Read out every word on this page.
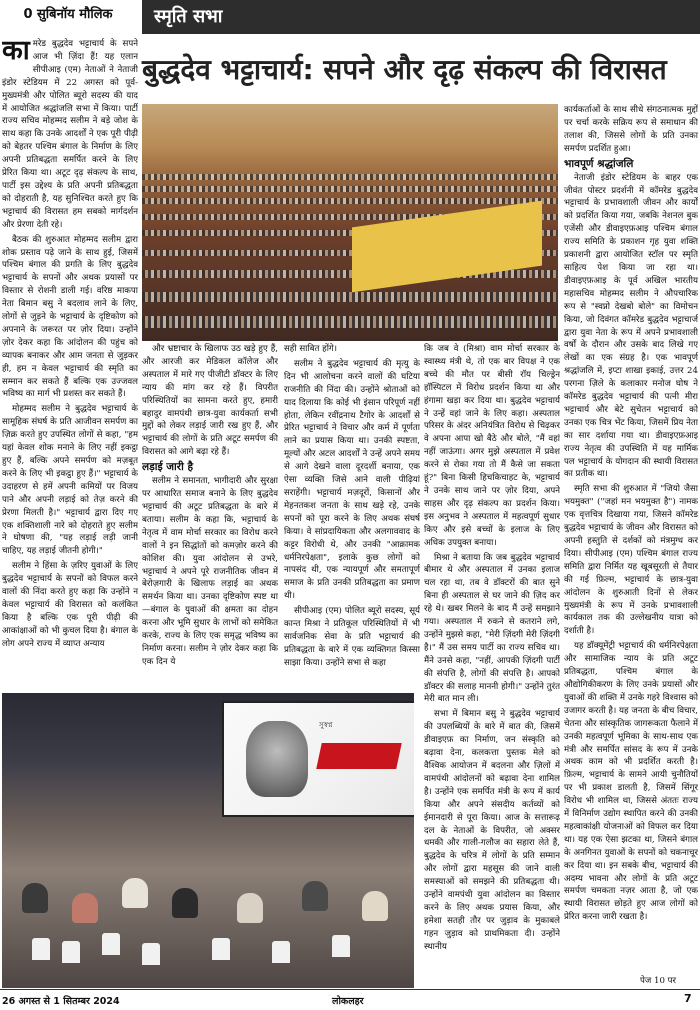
0 सुबिनॉय मौलिक	स्मृति सभा
बुद्धदेव भट्टाचार्य: सपने और दृढ़ संकल्प की विरासत

कामरेड बुद्धदेव भट्टाचार्य के सपने आज भी ज़िंदा हैं! यह एलान सीपीआइ (एम) नेताओं ने नेताजी इंडोर स्टेडियम में 22 अगस्त को पूर्व-मुख्यमंत्री और पोलित ब्यूरो सदस्य की याद में आयोजित श्रद्धांजलि सभा में किया। पार्टी राज्य सचिव मोहम्मद सलीम ने बड़े जोश के साथ कहा कि उनके आदर्शों ने एक पूरी पीढ़ी को बेहतर पश्चिम बंगाल के निर्माण के लिए अपनी प्रतिबद्धता समर्पित करने के लिए प्रेरित किया था। अटूट दृढ़ संकल्प के साथ, पार्टी इस उद्देश्य के प्रति अपनी प्रतिबद्धता को दोहराती है, यह सुनिश्चित करते हुए कि भट्टाचार्य की विरासत हम सबको मार्गदर्शन और प्रेरणा देती रहे।

बैठक की शुरुआत मोहम्मद सलीम द्वारा शोक प्रस्ताव पढ़े जाने के साथ हुई, जिसमें पश्चिम बंगाल की प्रगति के लिए बुद्धदेव भट्टाचार्य के सपनों और अथक प्रयासों पर विस्तार से रोशनी डाली गई। वरिष्ठ माकपा नेता बिमान बसु ने बदलाव लाने के लिए, लोगों से जुड़ने के भट्टाचार्य के दृष्टिकोण को अपनाने के जरूरत पर ज़ोर दिया। उन्होंने ज़ोर देकर कहा कि आंदोलन की पहुंच को व्यापक बनाकर और आम जनता से जुड़कर ही, हम न केवल भट्टाचार्य की स्मृति का सम्मान कर सकते हैं बल्कि एक उज्जवल भविष्य का मार्ग भी प्रशस्त कर सकते हैं।

मोहम्मद सलीम ने बुद्धदेव भट्टाचार्य के सामूहिक संघर्ष के प्रति आजीवन समर्पण का ज़िक्र करते हुए उपस्थित लोगों से कहा, "हम यहां केवल शोक मनाने के लिए नहीं इकट्ठा हुए हैं, बल्कि अपने समर्पण को मज़बूत करने के लिए भी इकट्ठा हुए हैं।" भट्टाचार्य के उदाहरण से हमें अपनी कमियों पर विजय पाने और अपनी लड़ाई को तेज़ करने की प्रेरणा मिलती है।" भट्टाचार्य द्वारा दिए गए एक शक्तिशाली नारे को दोहराते हुए सलीम ने घोषणा की, "यह लड़ाई लड़ी जानी चाहिए, यह लड़ाई जीतनी होगी।"

सलीम ने हिंसा के ज़रिए युवाओं के लिए बुद्धदेव भट्टाचार्य के सपनों को विफल करने वालों की निंदा करते हुए कहा कि उन्होंने न केवल भट्टाचार्य की विरासत को कलंकित किया है बल्कि एक पूरी पीढ़ी की आकांक्षाओं को भी कुचल दिया है। बंगाल के लोग अपने राज्य में व्याप्त अन्याय

और भ्रष्टाचार के खिलाफ उठ खड़े हुए हैं, और आरजी कर मेडिकल कॉलेज और अस्पताल में मारे गए पीजीटी डॉक्टर के लिए न्याय की मांग कर रहे हैं। विपरीत परिस्थितियों का सामना करते हुए, हमारी बहादुर वामपंथी छात्र-युवा कार्यकर्ता सभी मुद्दों को लेकर लड़ाई जारी रख हुए हैं, और भट्टाचार्य की लोगों के प्रति अटूट समर्पण की विरासत को आगे बढ़ा रहे हैं।

लड़ाई जारी है

सलीम ने समानता, भागीदारी और सुरक्षा पर आधारित समाज बनाने के लिए बुद्धदेव भट्टाचार्य की अटूट प्रतिबद्धता के बारे में बताया। सलीम के कहा कि, भट्टाचार्य के नेतृत्व में वाम मोर्चा सरकार का विरोध करने वालों ने इन सिद्धांतों को कमज़ोर करने की कोशिश की। युवा आंदोलन से उभरे, भट्टाचार्य ने अपने पूरे राजनीतिक जीवन में बेरोज़गारी के खिलाफ लड़ाई का अथक समर्थन किया था। उनका दृष्टिकोण स्पष्ट था—बंगाल के युवाओं की क्षमता का दोहन करना और भूमि सुधार के लाभों को समेकित करके, राज्य के लिए एक समृद्ध भविष्य का निर्माण करना। सलीम ने ज़ोर देकर कहा कि एक दिन ये

सही साबित होंगे।

सलीम ने बुद्धदेव भट्टाचार्य की मृत्यु के दिन भी आलोचना करने वालों की घटिया राजनीति की निंदा की। उन्होंने श्रोताओं को याद दिलाया कि कोई भी इंसान परिपूर्ण नहीं होता, लेकिन रवींद्रनाथ टैगोर के आदर्शों से प्रेरित भट्टाचार्य ने विचार और कर्म में पूर्णता लाने का प्रयास किया था। उनकी स्पष्टता, मूल्यों और अटल आदर्शों ने उन्हें अपने समय से आगे देखने वाला दूरदर्शी बनाया, एक ऐसा व्यक्ति जिसे आने वाली पीढ़ियां सराहेंगी। भट्टाचार्य मज़दूरों, किसानों और मेहनतकश जनता के साथ खड़े रहे, उनके सपनों को पूरा करने के लिए अथक संघर्ष किया। वे सांप्रदायिकता और अलगाववाद के कट्टर विरोधी थे, और उनकी "आक्रामक धर्मनिरपेक्षता", इलाके कुछ लोगों को नापसंद थी, एक न्यायपूर्ण और समतापूर्ण समाज के प्रति उनकी प्रतिबद्धता का प्रमाण थी।

सीपीआइ (एम) पोलित ब्यूरो सदस्य, सूर्य कान्त मिश्रा ने प्रतिकूल परिस्थितियों में भी सार्वजनिक सेवा के प्रति भट्टाचार्य की प्रतिबद्धता के बारे में एक व्यक्तिगत किस्सा साझा किया। उन्होंने सभा से कहा

कि जब वे (मिश्रा) वाम मोर्चा सरकार के स्वास्थ्य मंत्री थे, तो एक बार विपक्ष ने एक बच्चे की मौत पर बीसी रॉय चिल्ड्रेन हॉस्पिटल में विरोध प्रदर्शन किया था और हंगामा खड़ा कर दिया था। बुद्धदेव भट्टाचार्य ने उन्हें वहां जाने के लिए कहा। अस्पताल परिसर के अंदर अनियंत्रित विरोध से चिढ़कर वे अपना आपा खो बैठे और बोले, "मैं वहां नहीं जाऊंगा। अगर मुझे अस्पताल में प्रवेश करने से रोका गया तो मैं कैसे जा सकता हूं?" बिना किसी हिचकिचाहट के, भट्टाचार्य ने उनके साथ जाने पर ज़ोर दिया, अपने साहस और दृढ़ संकल्प का प्रदर्शन किया। इस अनुभव ने अस्पताल में महत्वपूर्ण सुधार किए और इसे बच्चों के इलाज के लिए अधिक उपयुक्त बनाया।

मिश्रा ने बताया कि जब बुद्धदेव भट्टाचार्य बीमार थे और अस्पताल में उनका इलाज चल रहा था, तब वे डॉक्टरों की बात सुने बिना ही अस्पताल से घर जाने की ज़िद कर रहे थे। खबर मिलने के बाद मैं उन्हें समझाने गया। अस्पताल में रुकने से कतराने लगे, उन्होंने मुझसे कहा, "मेरी ज़िंदगी मेरी ज़िंदगी है।" मैं उस समय पार्टी का राज्य सचिव था। मैंने उनसे कहा, "नहीं, आपकी ज़िंदगी पार्टी की संपत्ति है, लोगों की संपत्ति है। आपको डॉक्टर की सलाह माननी होगी।" उन्होंने तुरंत मेरी बात मान ली।

सभा में बिमान बसु ने बुद्धदेव भट्टाचार्य की उपलब्धियों के बारे में बात की, जिसमें डीवाइएफ़ का निर्माण, जन संस्कृति को बढ़ावा देना, कलकत्ता पुस्तक मेले को वैश्विक आयोजन में बदलना और ज़िलों में वामपंथी आंदोलनों को बढ़ावा देना शामिल है। उन्होंने एक समर्पित मंत्री के रूप में कार्य किया और अपने संसदीय कर्तव्यों को ईमानदारी से पूरा किया। आज के सत्तारूढ़ दल के नेताओं के विपरीत, जो अक्सर धमकी और गाली-गलौज का सहारा लेते हैं, बुद्धदेव के चरित्र में लोगों के प्रति सम्मान और लोगों द्वारा महसूस की जाने वाली समस्याओं को समझने की प्रतिबद्धता थी। उन्होंने वामपंथी युवा आंदोलन का विस्तार करने के लिए अथक प्रयास किया, और हमेशा सतही तौर पर जुड़ाव के मुकाबले गहन जुड़ाव को प्राथमिकता दी। उन्होंने स्थानीय

कार्यकर्ताओं के साथ सीधे संगठनात्मक मुद्दों पर चर्चा करके सक्रिय रूप से समाधान की तलाश की, जिससे लोगों के प्रति उनका समर्पण प्रदर्शित हुआ।

भावपूर्ण श्रद्धांजलि

नेताजी इंडोर स्टेडियम के बाहर एक जीवंत पोस्टर प्रदर्शनी में कॉमरेड बुद्धदेव भट्टाचार्य के प्रभावशाली जीवन और कार्यों को प्रदर्शित किया गया, जबकि नेशनल बुक एजेंसी और डीवाइएफ़आइ पश्चिम बंगाल राज्य समिति के प्रकाशन गृह युवा शक्ति प्रकाशनी द्वारा आयोजित स्टॉल पर स्मृति साहित्य पेश किया जा रहा था। डीवाइएफ़आइ के पूर्व अखिल भारतीय महासचिव मोहम्मद सलीम ने औपचारिक रूप से "स्वप्नो देखबो बोले" का विमोचन किया, जो दिवंगत कॉमरेड बुद्धदेव भट्टाचार्ज द्वारा युवा नेता के रूप में अपने प्रभावशाली वर्षों के दौरान और उसके बाद लिखे गए लेखों का एक संग्रह है। एक भावपूर्ण श्रद्धांजलि में, इप्टा शाखा इकाई, उत्तर 24 परगना ज़िले के कलाकार मनोज घोष ने कॉमरेड बुद्धदेव भट्टाचार्य की पत्नी मीरा भट्टाचार्य और बेटे सुचेतन भट्टाचार्य को उनका एक चित्र भेंट किया, जिसमें प्रिय नेता का सार दर्शाया गया था। डीवाइएफ़आइ राज्य नेतृत्व की उपस्थिति में यह मार्मिक पल भट्टाचार्य के योगदान की स्थायी विरासत का प्रतीक था।

स्मृति सभा की शुरुआत में "जियो जैसा भयमुक्त" ("जहां मन भयमुक्त है") नामक एक वृत्तचित्र दिखाया गया, जिसने कॉमरेड बुद्धदेव भट्टाचार्य के जीवन और विरासत को अपनी हस्तुति से दर्शकों को मंत्रमुग्ध कर दिया। सीपीआइ (एम) पश्चिम बंगाल राज्य समिति द्वारा निर्मित यह खूबसूरती से तैयार की गई फ़िल्म, भट्टाचार्य के छात्र-युवा आंदोलन के शुरुआती दिनों से लेकर मुख्यमंत्री के रूप में उनके प्रभावशाली कार्यकाल तक की उल्लेखनीय यात्रा को दर्शाती है।

यह डॉक्यूमेंट्री भट्टाचार्य की धर्मनिरपेक्षता और सामाजिक न्याय के प्रति अटूट प्रतिबद्धता, पश्चिम बंगाल के औद्योगिकीकरण के लिए उनके प्रयासों और युवाओं की शक्ति में उनके गहरे विश्वास को उजागर करती है। यह जनता के बीच विचार, चेतना और सांस्कृतिक जागरूकता फैलाने में उनकी महत्वपूर्ण भूमिका के साथ-साथ एक मंत्री और समर्पित सांसद के रूप में उनके अथक काम को भी प्रदर्शित करती है। फ़िल्म, भट्टाचार्य के सामने आयी चुनौतियों पर भी प्रकाश डालती है, जिसमें सिंगूर विरोध भी शामिल था, जिससे अंततः राज्य में विनिर्माण उद्योग स्थापित करने की उनकी महत्वाकांक्षी योजनाओं को विफल कर दिया था। यह एक ऐसा झटका था, जिसने बंगाल के अनगिनत युवाओं के सपनों को चकनाचूर कर दिया था। इन सबके बीच, भट्टाचार्य की अदम्य भावना और लोगों के प्रति अटूट समर्पण चमकता नज़र आता है, जो एक स्थायी विरासत छोड़ते हुए आज लोगों को प्रेरित करना जारी रखता है।

पेज 10 पर
সুস্বপ্ন
26 अगस्त से 1 सितम्बर 2024	लोकलहर	7
